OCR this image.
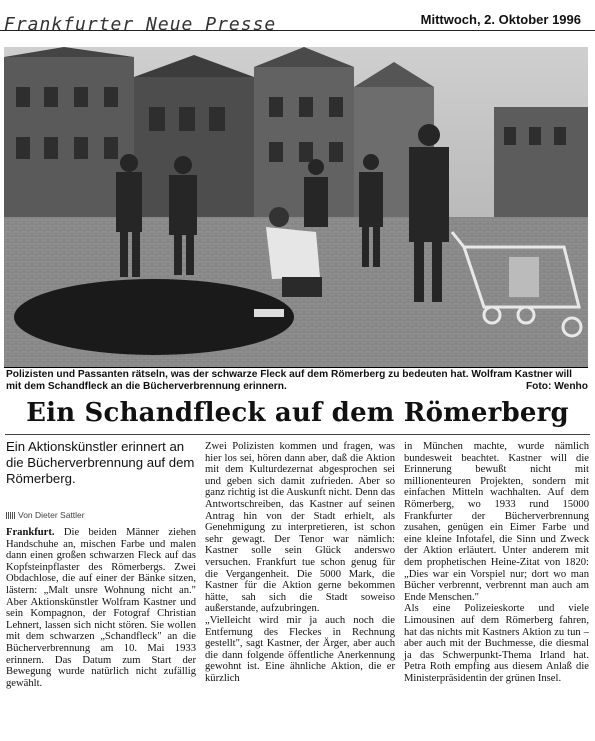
Frankfurter Neue Presse	Mittwoch, 2. Oktober 1996
Polizisten und Passanten rätseln, was der schwarze Fleck auf dem Römerberg zu bedeuten hat. Wolfram Kastner will mit dem Schandfleck an die Bücherverbrennung erinnern.	Foto: Wenho
Ein Schandfleck auf dem Römerberg
Ein Aktionskünstler erinnert an die Bücherverbrennung auf dem Römerberg.
Von Dieter Sattler

Frankfurt. Die beiden Männer ziehen Handschuhe an, mischen Farbe und malen dann einen großen schwarzen Fleck auf das Kopfsteinpflaster des Römerbergs. Zwei Obdachlose, die auf einer der Bänke sitzen, lästern: „Malt unsre Wohnung nicht an." Aber Aktionskünstler Wolfram Kastner und sein Kompagnon, der Fotograf Christian Lehnert, lassen sich nicht stören. Sie wollen mit dem schwarzen „Schandfleck" an die Bücherverbrennung am 10. Mai 1933 erinnern. Das Datum zum Start der Bewegung wurde natürlich nicht zufällig gewählt.

Zwei Polizisten kommen und fragen, was hier los sei, hören dann aber, daß die Aktion mit dem Kulturdezernat abgesprochen sei und geben sich damit zufrieden. Aber so ganz richtig ist die Auskunft nicht. Denn das Antwortschreiben, das Kastner auf seinen Antrag hin von der Stadt erhielt, als Genehmigung zu interpretieren, ist schon sehr gewagt. Der Tenor war nämlich: Kastner solle sein Glück anderswo versuchen. Frankfurt tue schon genug für die Vergangenheit. Die 5000 Mark, die Kastner für die Aktion gerne bekommen hätte, sah sich die Stadt soweiso außerstande, aufzubringen.
„Vielleicht wird mir ja auch noch die Entfernung des Fleckes in Rechnung gestellt", sagt Kastner, der Ärger, aber auch die dann folgende öffentliche Anerkennung gewohnt ist. Eine ähnliche Aktion, die er kürzlich

in München machte, wurde nämlich bundesweit beachtet. Kastner will die Erinnerung bewußt nicht mit millionenteuren Projekten, sondern mit einfachen Mitteln wachhalten. Auf dem Römerberg, wo 1933 rund 15000 Frankfurter der Bücherverbrennung zusahen, genügen ein Eimer Farbe und eine kleine Infotafel, die Sinn und Zweck der Aktion erläutert. Unter anderem mit dem prophetischen Heine-Zitat von 1820: „Dies war ein Vorspiel nur; dort wo man Bücher verbrennt, verbrennt man auch am Ende Menschen."
Als eine Polizeieskorte und viele Limousinen auf dem Römerberg fahren, hat das nichts mit Kastners Aktion zu tun – aber auch mit der Buchmesse, die diesmal ja das Schwerpunkt-Thema Irland hat. Petra Roth empfing aus diesem Anlaß die Ministerpräsidentin der grünen Insel.
